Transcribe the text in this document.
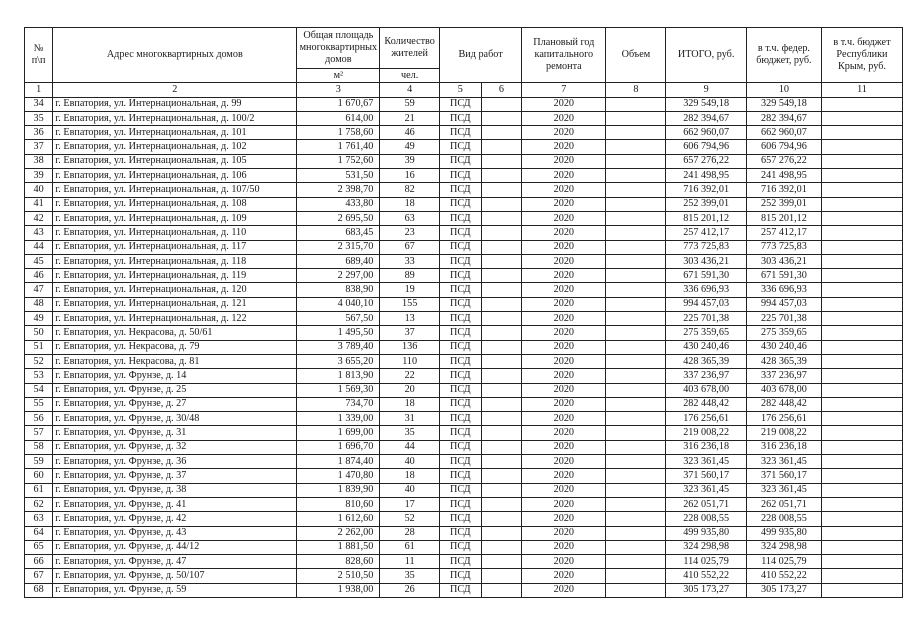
№ п\п	Адрес многоквартирных домов	Общая площадь многоквартирных домов	Количество жителей	Вид работ		Плановый год капитального ремонта	Объем	ИТОГО, руб.	в т.ч. федер. бюджет, руб.	в т.ч. бюджет Республики Крым, руб.
		м²	чел.							
1	2	3	4	5	6	7	8	9	10	11
34	г. Евпатория, ул. Интернациональная, д. 99	1 670,67	59	ПСД		2020		329 549,18	329 549,18	
35	г. Евпатория, ул. Интернациональная, д. 100/2	614,00	21	ПСД		2020		282 394,67	282 394,67	
36	г. Евпатория, ул. Интернациональная, д. 101	1 758,60	46	ПСД		2020		662 960,07	662 960,07	
37	г. Евпатория, ул. Интернациональная, д. 102	1 761,40	49	ПСД		2020		606 794,96	606 794,96	
38	г. Евпатория, ул. Интернациональная, д. 105	1 752,60	39	ПСД		2020		657 276,22	657 276,22	
39	г. Евпатория, ул. Интернациональная, д. 106	531,50	16	ПСД		2020		241 498,95	241 498,95	
40	г. Евпатория, ул. Интернациональная, д. 107/50	2 398,70	82	ПСД		2020		716 392,01	716 392,01	
41	г. Евпатория, ул. Интернациональная, д. 108	433,80	18	ПСД		2020		252 399,01	252 399,01	
42	г. Евпатория, ул. Интернациональная, д. 109	2 695,50	63	ПСД		2020		815 201,12	815 201,12	
43	г. Евпатория, ул. Интернациональная, д. 110	683,45	23	ПСД		2020		257 412,17	257 412,17	
44	г. Евпатория, ул. Интернациональная, д. 117	2 315,70	67	ПСД		2020		773 725,83	773 725,83	
45	г. Евпатория, ул. Интернациональная, д. 118	689,40	33	ПСД		2020		303 436,21	303 436,21	
46	г. Евпатория, ул. Интернациональная, д. 119	2 297,00	89	ПСД		2020		671 591,30	671 591,30	
47	г. Евпатория, ул. Интернациональная, д. 120	838,90	19	ПСД		2020		336 696,93	336 696,93	
48	г. Евпатория, ул. Интернациональная, д. 121	4 040,10	155	ПСД		2020		994 457,03	994 457,03	
49	г. Евпатория, ул. Интернациональная, д. 122	567,50	13	ПСД		2020		225 701,38	225 701,38	
50	г. Евпатория, ул. Некрасова, д. 50/61	1 495,50	37	ПСД		2020		275 359,65	275 359,65	
51	г. Евпатория, ул. Некрасова, д. 79	3 789,40	136	ПСД		2020		430 240,46	430 240,46	
52	г. Евпатория, ул. Некрасова, д. 81	3 655,20	110	ПСД		2020		428 365,39	428 365,39	
53	г. Евпатория, ул. Фрунзе, д. 14	1 813,90	22	ПСД		2020		337 236,97	337 236,97	
54	г. Евпатория, ул. Фрунзе, д. 25	1 569,30	20	ПСД		2020		403 678,00	403 678,00	
55	г. Евпатория, ул. Фрунзе, д. 27	734,70	18	ПСД		2020		282 448,42	282 448,42	
56	г. Евпатория, ул. Фрунзе, д. 30/48	1 339,00	31	ПСД		2020		176 256,61	176 256,61	
57	г. Евпатория, ул. Фрунзе, д. 31	1 699,00	35	ПСД		2020		219 008,22	219 008,22	
58	г. Евпатория, ул. Фрунзе, д. 32	1 696,70	44	ПСД		2020		316 236,18	316 236,18	
59	г. Евпатория, ул. Фрунзе, д. 36	1 874,40	40	ПСД		2020		323 361,45	323 361,45	
60	г. Евпатория, ул. Фрунзе, д. 37	1 470,80	18	ПСД		2020		371 560,17	371 560,17	
61	г. Евпатория, ул. Фрунзе, д. 38	1 839,90	40	ПСД		2020		323 361,45	323 361,45	
62	г. Евпатория, ул. Фрунзе, д. 41	810,60	17	ПСД		2020		262 051,71	262 051,71	
63	г. Евпатория, ул. Фрунзе, д. 42	1 612,60	52	ПСД		2020		228 008,55	228 008,55	
64	г. Евпатория, ул. Фрунзе, д. 43	2 262,00	28	ПСД		2020		499 935,80	499 935,80	
65	г. Евпатория, ул. Фрунзе, д. 44/12	1 881,50	61	ПСД		2020		324 298,98	324 298,98	
66	г. Евпатория, ул. Фрунзе, д. 47	828,60	11	ПСД		2020		114 025,79	114 025,79	
67	г. Евпатория, ул. Фрунзе, д. 50/107	2 510,50	35	ПСД		2020		410 552,22	410 552,22	
68	г. Евпатория, ул. Фрунзе, д. 59	1 938,00	26	ПСД		2020		305 173,27	305 173,27	
